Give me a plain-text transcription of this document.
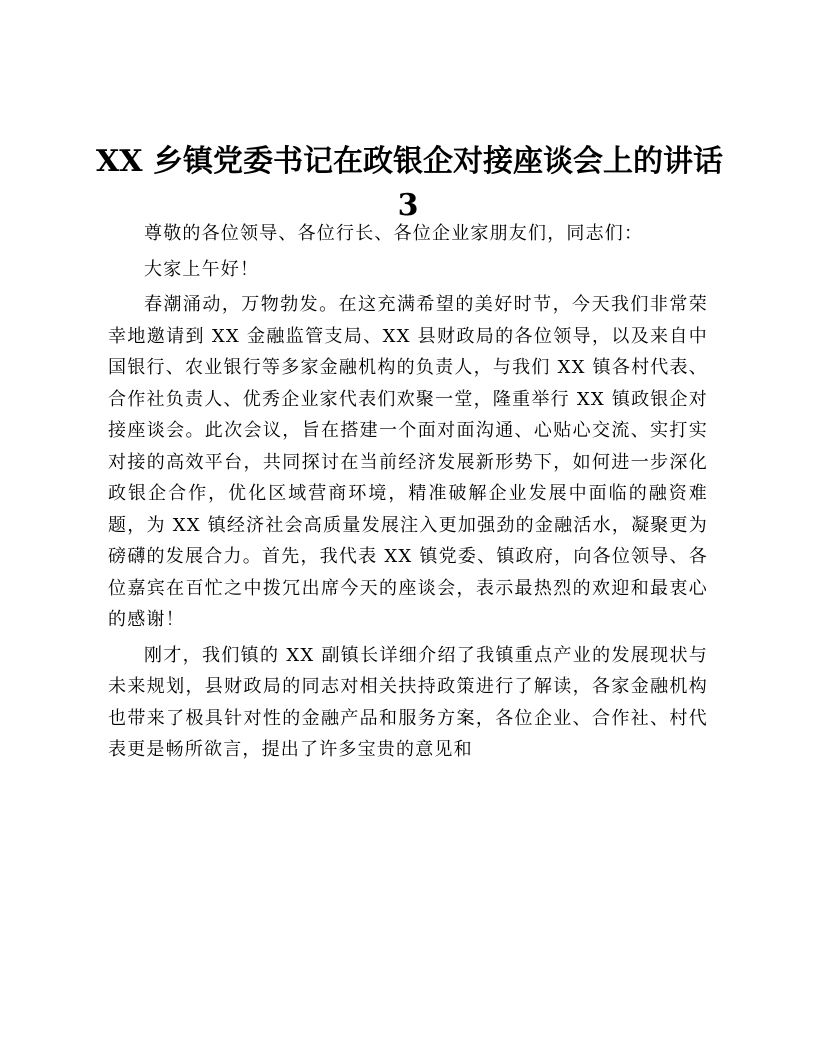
XX 乡镇党委书记在政银企对接座谈会上的讲话
3

尊敬的各位领导、各位行长、各位企业家朋友们，同志们：

大家上午好！

春潮涌动，万物勃发。在这充满希望的美好时节，今天我们非常荣幸地邀请到 XX 金融监管支局、XX 县财政局的各位领导，以及来自中国银行、农业银行等多家金融机构的负责人，与我们 XX 镇各村代表、合作社负责人、优秀企业家代表们欢聚一堂，隆重举行 XX 镇政银企对接座谈会。此次会议，旨在搭建一个面对面沟通、心贴心交流、实打实对接的高效平台，共同探讨在当前经济发展新形势下，如何进一步深化政银企合作，优化区域营商环境，精准破解企业发展中面临的融资难题，为 XX 镇经济社会高质量发展注入更加强劲的金融活水，凝聚更为磅礴的发展合力。首先，我代表 XX 镇党委、镇政府，向各位领导、各位嘉宾在百忙之中拨冗出席今天的座谈会，表示最热烈的欢迎和最衷心的感谢！

刚才，我们镇的 XX 副镇长详细介绍了我镇重点产业的发展现状与未来规划，县财政局的同志对相关扶持政策进行了解读，各家金融机构也带来了极具针对性的金融产品和服务方案，各位企业、合作社、村代表更是畅所欲言，提出了许多宝贵的意见和
